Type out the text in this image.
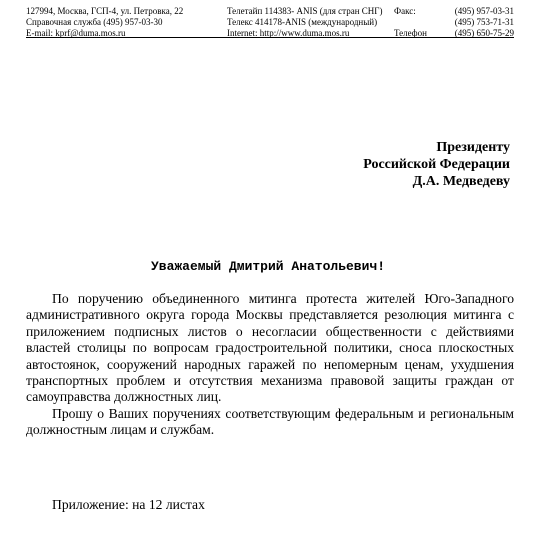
127994, Москва, ГСП-4, ул. Петровка, 22
Справочная служба (495) 957-03-30
E-mail: kprf@duma.mos.ru
Телетайп 114383- ANIS (для стран СНГ)
Телекс 414178-ANIS (международный)
Internet: http://www.duma.mos.ru
Факс:
Телефон
(495) 957-03-31
(495) 753-71-31
(495) 650-75-29
Президенту
Российской Федерации
Д.А. Медведеву
Уважаемый Дмитрий Анатольевич!

По поручению объединенного митинга протеста жителей Юго-Западного административного округа города Москвы представляется резолюция митинга с приложением подписных листов о несогласии общественности с действиями властей столицы по вопросам градостроительной политики, сноса плоскостных автостоянок, сооружений народных гаражей по непомерным ценам, ухудшения транспортных проблем и отсутствия механизма правовой защиты граждан от самоуправства должностных лиц.

Прошу о Ваших поручениях соответствующим федеральным и региональным должностным лицам и службам.

Приложение: на 12 листах
